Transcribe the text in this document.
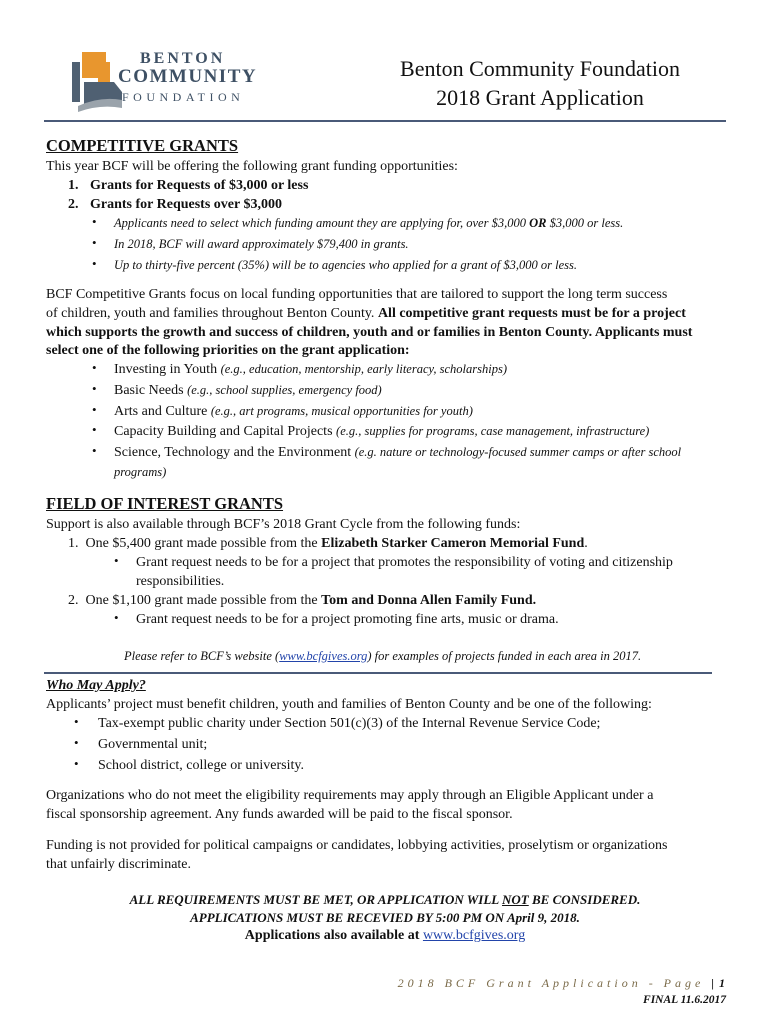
BENTON
COMMUNITY
FOUNDATION
Benton Community Foundation
2018 Grant Application
COMPETITIVE GRANTS
This year BCF will be offering the following grant funding opportunities:
1. Grants for Requests of $3,000 or less
2. Grants for Requests over $3,000
• Applicants need to select which funding amount they are applying for, over $3,000 OR $3,000 or less.
• In 2018, BCF will award approximately $79,400 in grants.
• Up to thirty-five percent (35%) will be to agencies who applied for a grant of $3,000 or less.
BCF Competitive Grants focus on local funding opportunities that are tailored to support the long term success
of children, youth and families throughout Benton County. All competitive grant requests must be for a project
which supports the growth and success of children, youth and or families in Benton County. Applicants must
select one of the following priorities on the grant application:
• Investing in Youth (e.g., education, mentorship, early literacy, scholarships)
• Basic Needs (e.g., school supplies, emergency food)
• Arts and Culture (e.g., art programs, musical opportunities for youth)
• Capacity Building and Capital Projects (e.g., supplies for programs, case management, infrastructure)
• Science, Technology and the Environment (e.g. nature or technology-focused summer camps or after school
programs)
FIELD OF INTEREST GRANTS
Support is also available through BCF’s 2018 Grant Cycle from the following funds:
1.  One $5,400 grant made possible from the Elizabeth Starker Cameron Memorial Fund.
• Grant request needs to be for a project that promotes the responsibility of voting and citizenship
responsibilities.
2.  One $1,100 grant made possible from the Tom and Donna Allen Family Fund.
• Grant request needs to be for a project promoting fine arts, music or drama.
Please refer to BCF’s website (www.bcfgives.org) for examples of projects funded in each area in 2017.
Who May Apply?
Applicants’ project must benefit children, youth and families of Benton County and be one of the following:
• Tax-exempt public charity under Section 501(c)(3) of the Internal Revenue Service Code;
• Governmental unit;
• School district, college or university.
Organizations who do not meet the eligibility requirements may apply through an Eligible Applicant under a
fiscal sponsorship agreement. Any funds awarded will be paid to the fiscal sponsor.
Funding is not provided for political campaigns or candidates, lobbying activities, proselytism or organizations
that unfairly discriminate.
ALL REQUIREMENTS MUST BE MET, OR APPLICATION WILL NOT BE CONSIDERED.
APPLICATIONS MUST BE RECEVIED BY 5:00 PM ON April 9, 2018.
Applications also available at www.bcfgives.org
2018 BCF Grant Application - Page | 1
FINAL 11.6.2017
